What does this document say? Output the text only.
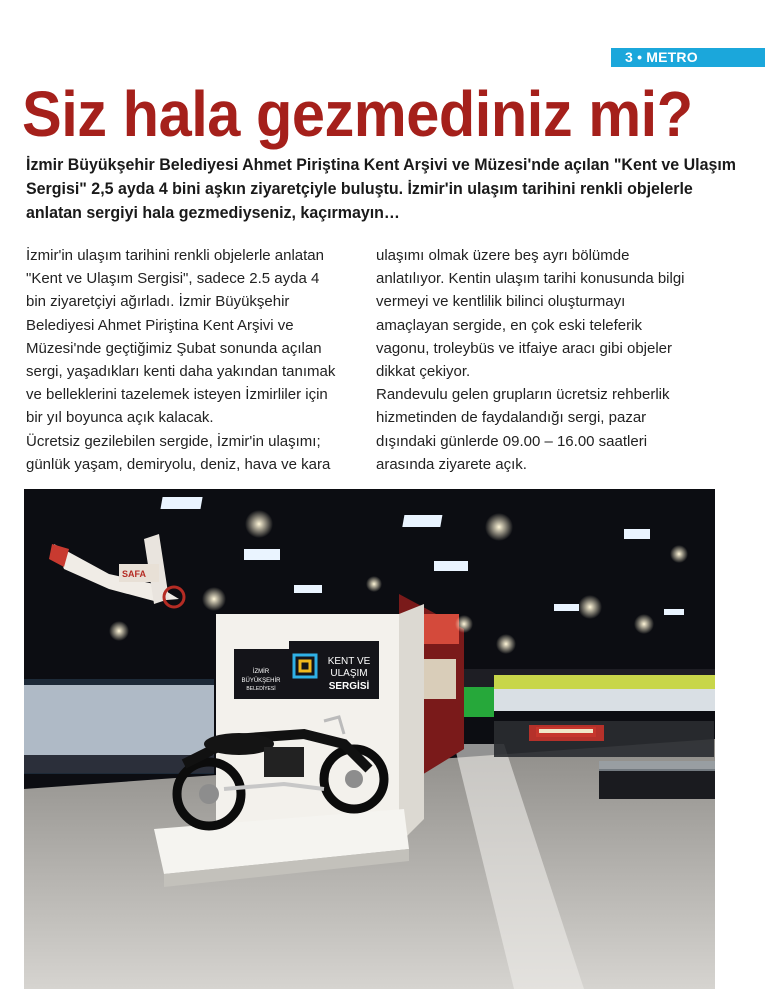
3 • METRO
Siz hala gezmediniz mi?

İzmir Büyükşehir Belediyesi Ahmet Piriştina Kent Arşivi ve Müzesi'nde açılan "Kent ve Ulaşım Sergisi" 2,5 ayda 4 bini aşkın ziyaretçiyle buluştu. İzmir'in ulaşım tarihini renkli objelerle anlatan sergiyi hala gezmediyseniz, kaçırmayın…

İzmir'in ulaşım tarihini renkli objelerle anlatan
"Kent ve Ulaşım Sergisi", sadece 2.5 ayda 4
bin ziyaretçiyi ağırladı. İzmir Büyükşehir
Belediyesi Ahmet Piriştina Kent Arşivi ve
Müzesi'nde geçtiğimiz Şubat sonunda açılan
sergi, yaşadıkları kenti daha yakından tanımak
ve belleklerini tazelemek isteyen İzmirliler için
bir yıl boyunca açık kalacak.
Ücretsiz gezilebilen sergide, İzmir'in ulaşımı;
günlük yaşam, demiryolu, deniz, hava ve kara

ulaşımı olmak üzere beş ayrı bölümde
anlatılıyor. Kentin ulaşım tarihi konusunda bilgi
vermeyi ve kentlilik bilinci oluşturmayı
amaçlayan sergide, en çok eski teleferik
vagonu, troleybüs ve itfaiye aracı gibi objeler
dikkat çekiyor.
Randevulu gelen grupların ücretsiz rehberlik
hizmetinden de faydalandığı sergi, pazar
dışındaki günlerde 09.00 – 16.00 saatleri
arasında ziyarete açık.

İZMİR
BÜYÜKŞEHİR
BELEDİYESİ
KENT VE
ULAŞIM
SERGİSİ
SAFA
